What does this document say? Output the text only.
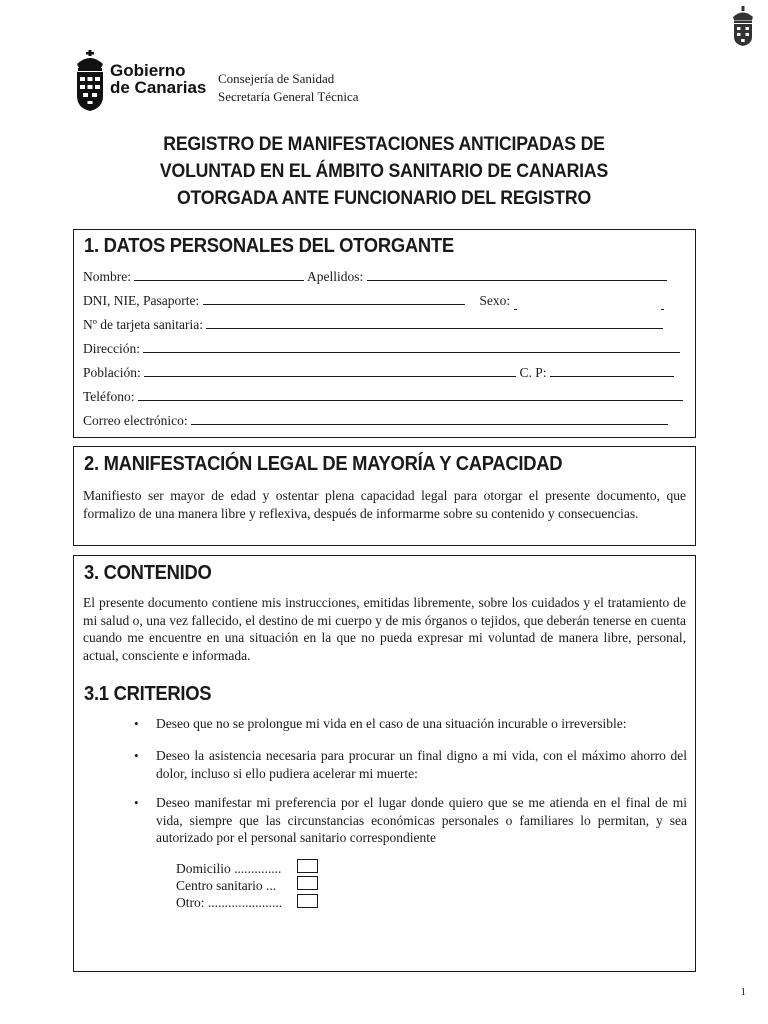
Gobierno
de Canarias Consejería de Sanidad
Secretaría General Técnica
REGISTRO DE MANIFESTACIONES ANTICIPADAS DE
VOLUNTAD EN EL ÁMBITO SANITARIO DE CANARIAS
OTORGADA ANTE FUNCIONARIO DEL REGISTRO
1. DATOS PERSONALES DEL OTORGANTE
Nombre:	Apellidos:
DNI, NIE, Pasaporte:	Sexo:

Nº de tarjeta sanitaria:
Dirección:
Población:	C. P:
Teléfono:
Correo electrónico:
2. MANIFESTACIÓN LEGAL DE MAYORÍA Y CAPACIDAD
Manifiesto ser mayor de edad y ostentar plena capacidad legal para otorgar el presente documento, que formalizo de una manera libre y reflexiva, después de informarme sobre su contenido y consecuencias.
3. CONTENIDO
El presente documento contiene mis instrucciones, emitidas libremente, sobre los cuidados y el tratamiento de mi salud o, una vez fallecido, el destino de mi cuerpo y de mis órganos o tejidos, que deberán tenerse en cuenta cuando me encuentre en una situación en la que no pueda expresar mi voluntad de manera libre, personal, actual, consciente e informada.
3.1 CRITERIOS
• Deseo que no se prolongue mi vida en el caso de una situación incurable o irreversible:
• Deseo la asistencia necesaria para procurar un final digno a mi vida, con el máximo ahorro del dolor, incluso si ello pudiera acelerar mi muerte:
• Deseo manifestar mi preferencia por el lugar donde quiero que se me atienda en el final de mi vida, siempre que las circunstancias económicas personales o familiares lo permitan, y sea autorizado por el personal sanitario correspondiente
Domicilio ..............
Centro sanitario ...
Otro: ......................
1
